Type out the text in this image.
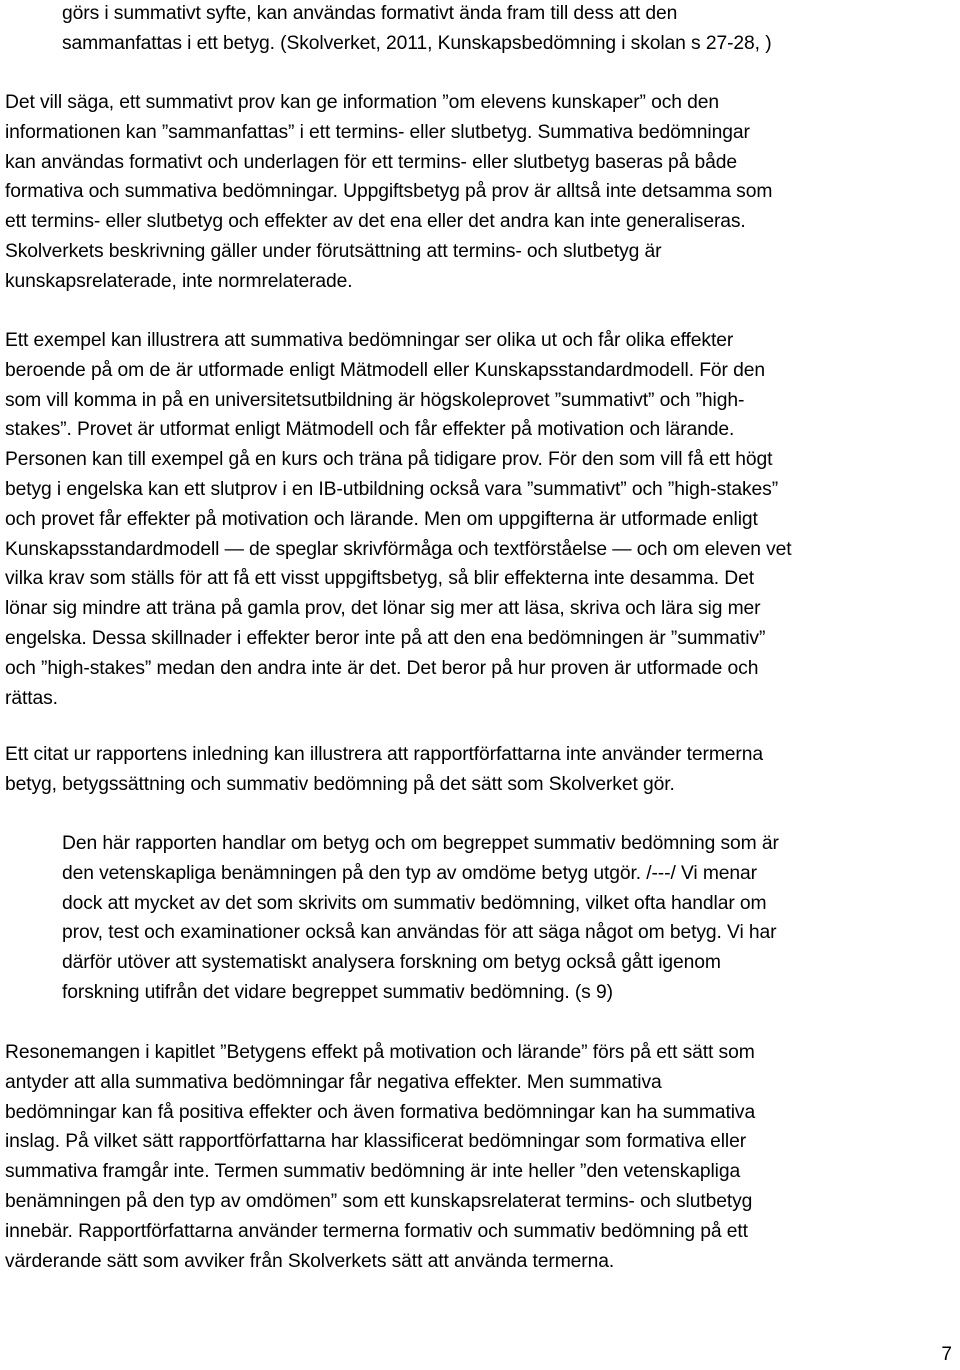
görs i summativt syfte, kan användas formativt ända fram till dess att den
sammanfattas i ett betyg. (Skolverket, 2011, Kunskapsbedömning i skolan s 27-28, )
Det vill säga, ett summativt prov kan ge information ”om elevens kunskaper” och den
informationen kan ”sammanfattas” i ett termins- eller slutbetyg. Summativa bedömningar
kan användas formativt och underlagen för ett termins- eller slutbetyg baseras på både
formativa och summativa bedömningar. Uppgiftsbetyg på prov är alltså inte detsamma som
ett termins- eller slutbetyg och effekter av det ena eller det andra kan inte generaliseras.
Skolverkets beskrivning gäller under förutsättning att termins- och slutbetyg är
kunskapsrelaterade, inte normrelaterade.
Ett exempel kan illustrera att summativa bedömningar ser olika ut och får olika effekter
beroende på om de är utformade enligt Mätmodell eller Kunskapsstandardmodell. För den
som vill komma in på en universitetsutbildning är högskoleprovet ”summativt” och ”high-
stakes”. Provet är utformat enligt Mätmodell och får effekter på motivation och lärande.
Personen kan till exempel gå en kurs och träna på tidigare prov. För den som vill få ett högt
betyg i engelska kan ett slutprov i en IB-utbildning också vara ”summativt” och ”high-stakes”
och provet får effekter på motivation och lärande. Men om uppgifterna är utformade enligt
Kunskapsstandardmodell — de speglar skrivförmåga och textförståelse — och om eleven vet
vilka krav som ställs för att få ett visst uppgiftsbetyg, så blir effekterna inte desamma. Det
lönar sig mindre att träna på gamla prov, det lönar sig mer att läsa, skriva och lära sig mer
engelska. Dessa skillnader i effekter beror inte på att den ena bedömningen är ”summativ”
och ”high-stakes” medan den andra inte är det. Det beror på hur proven är utformade och
rättas.
Ett citat ur rapportens inledning kan illustrera att rapportförfattarna inte använder termerna
betyg, betygssättning och summativ bedömning på det sätt som Skolverket gör.
Den här rapporten handlar om betyg och om begreppet summativ bedömning som är
den vetenskapliga benämningen på den typ av omdöme betyg utgör. /---/ Vi menar
dock att mycket av det som skrivits om summativ bedömning, vilket ofta handlar om
prov, test och examinationer också kan användas för att säga något om betyg. Vi har
därför utöver att systematiskt analysera forskning om betyg också gått igenom
forskning utifrån det vidare begreppet summativ bedömning. (s 9)
Resonemangen i kapitlet ”Betygens effekt på motivation och lärande” förs på ett sätt som
antyder att alla summativa bedömningar får negativa effekter. Men summativa
bedömningar kan få positiva effekter och även formativa bedömningar kan ha summativa
inslag. På vilket sätt rapportförfattarna har klassificerat bedömningar som formativa eller
summativa framgår inte. Termen summativ bedömning är inte heller ”den vetenskapliga
benämningen på den typ av omdömen” som ett kunskapsrelaterat termins- och slutbetyg
innebär. Rapportförfattarna använder termerna formativ och summativ bedömning på ett
värderande sätt som avviker från Skolverkets sätt att använda termerna.
7
